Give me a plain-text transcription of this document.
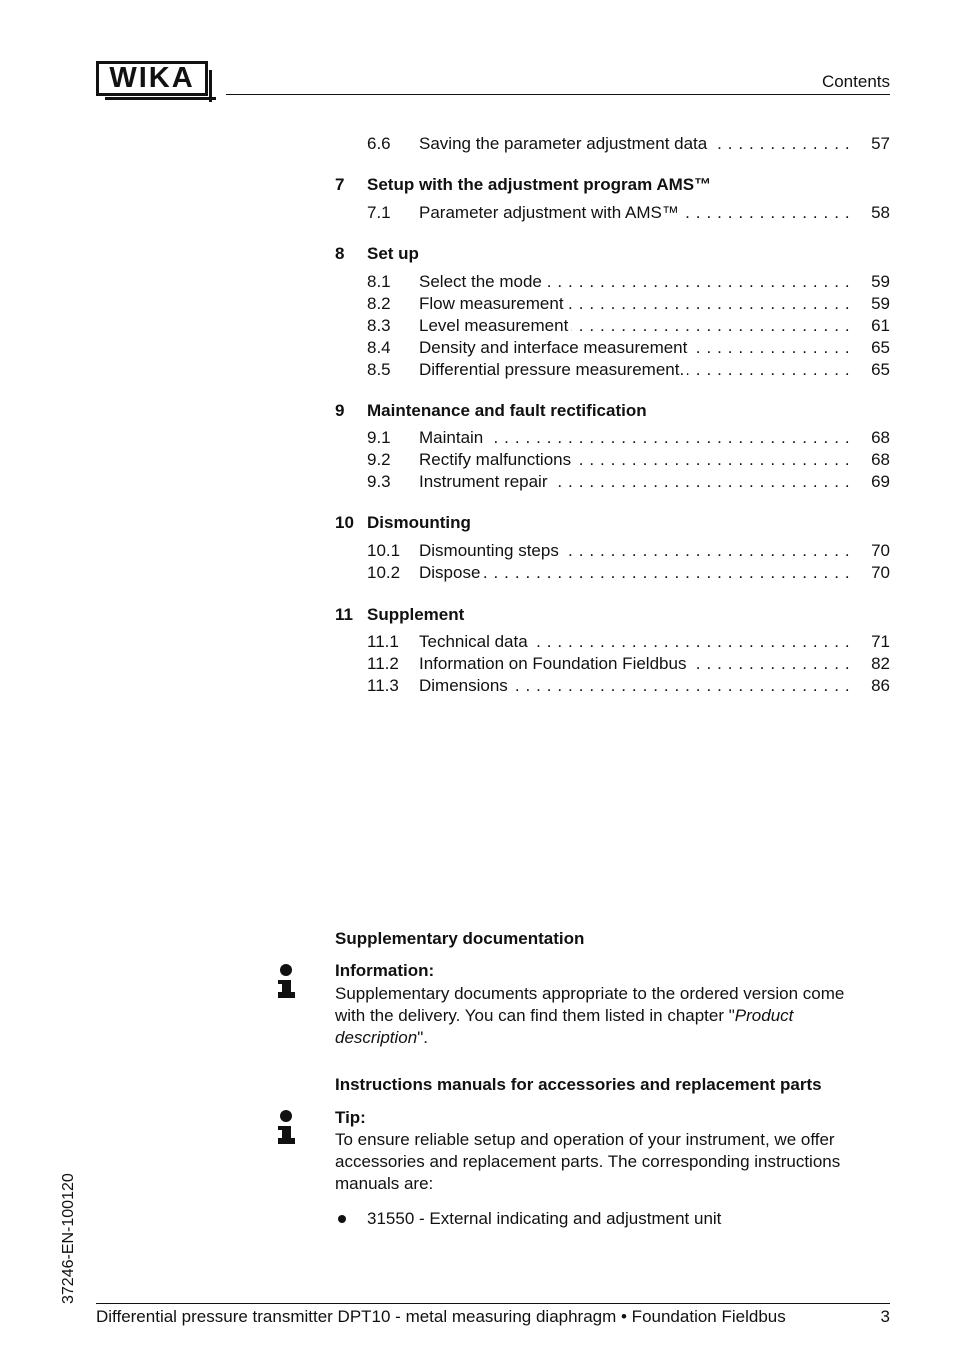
WIKA	Contents
6.6 Saving the parameter adjustment data . . .	57
7 Setup with the adjustment program AMS™
7.1 Parameter adjustment with AMS™ . . .	58
8 Set up
8.1 Select the mode . . .	59
8.2 Flow measurement . . .	59
8.3 Level measurement . . .	61
8.4 Density and interface measurement . . .	65
8.5 Differential pressure measurement. . . .	65
9 Maintenance and fault rectification
9.1 Maintain . . .	68
9.2 Rectify malfunctions . . .	68
9.3 Instrument repair . . .	69
10 Dismounting
10.1 Dismounting steps . . .	70
10.2 Dispose . . .	70
11 Supplement
11.1 Technical data . . .	71
11.2 Information on Foundation Fieldbus . . .	82
11.3 Dimensions . . .	86
Supplementary documentation
Information:
Supplementary documents appropriate to the ordered version come
with the delivery. You can find them listed in chapter "Product
description".
Instructions manuals for accessories and replacement parts
Tip:
To ensure reliable setup and operation of your instrument, we offer
accessories and replacement parts. The corresponding instructions
manuals are:
31550 - External indicating and adjustment unit
37246-EN-100120
Differential pressure transmitter DPT10 - metal measuring diaphragm • Foundation Fieldbus	3
